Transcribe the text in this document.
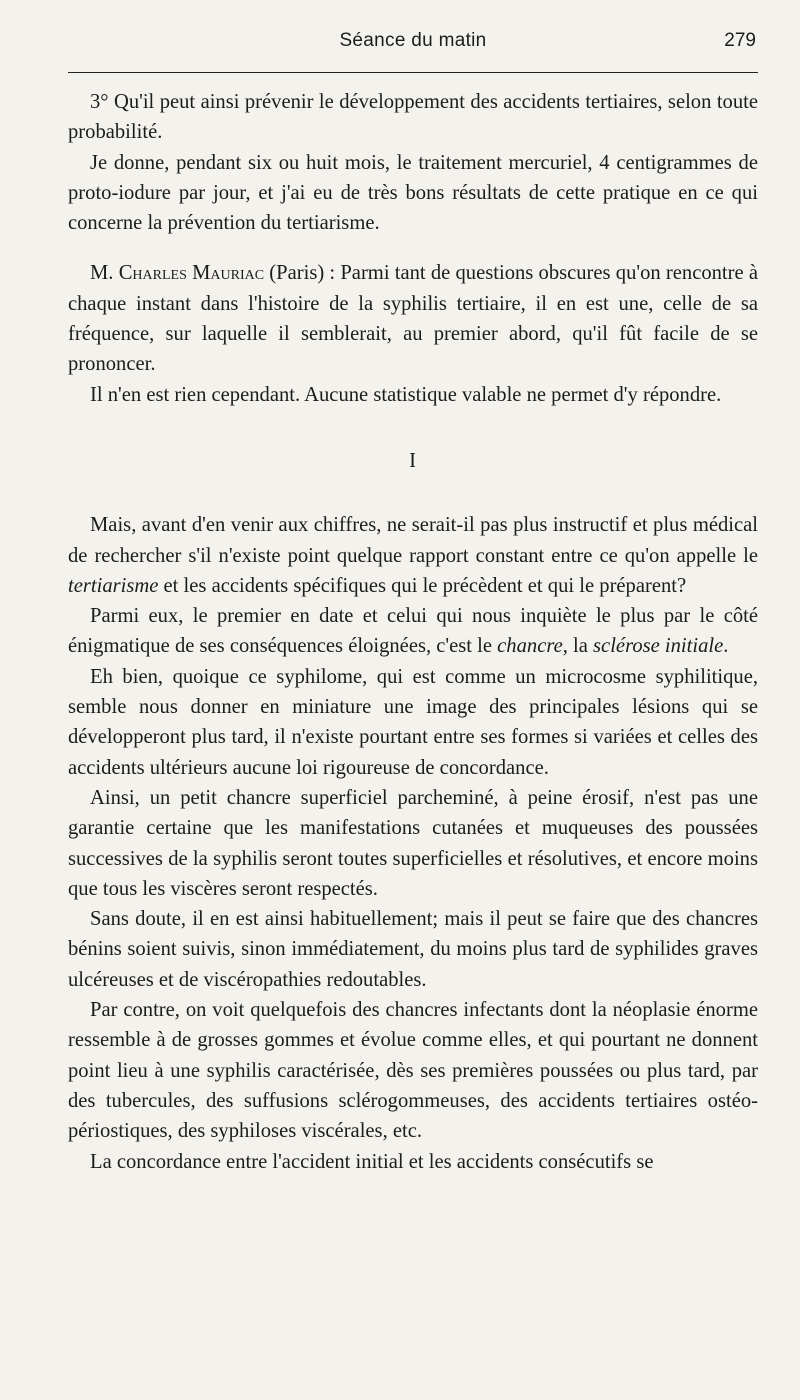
Séance du matin	279

3° Qu'il peut ainsi prévenir le développement des accidents tertiaires, selon toute probabilité.

Je donne, pendant six ou huit mois, le traitement mercuriel, 4 centigrammes de proto-iodure par jour, et j'ai eu de très bons résultats de cette pratique en ce qui concerne la prévention du tertiarisme.

M. Charles Mauriac (Paris) : Parmi tant de questions obscures qu'on rencontre à chaque instant dans l'histoire de la syphilis tertiaire, il en est une, celle de sa fréquence, sur laquelle il semblerait, au premier abord, qu'il fût facile de se prononcer.

Il n'en est rien cependant. Aucune statistique valable ne permet d'y répondre.

I

Mais, avant d'en venir aux chiffres, ne serait-il pas plus instructif et plus médical de rechercher s'il n'existe point quelque rapport constant entre ce qu'on appelle le tertiarisme et les accidents spécifiques qui le précèdent et qui le préparent?

Parmi eux, le premier en date et celui qui nous inquiète le plus par le côté énigmatique de ses conséquences éloignées, c'est le chancre, la sclérose initiale.

Eh bien, quoique ce syphilome, qui est comme un microcosme syphilitique, semble nous donner en miniature une image des principales lésions qui se développeront plus tard, il n'existe pourtant entre ses formes si variées et celles des accidents ultérieurs aucune loi rigoureuse de concordance.

Ainsi, un petit chancre superficiel parcheminé, à peine érosif, n'est pas une garantie certaine que les manifestations cutanées et muqueuses des poussées successives de la syphilis seront toutes superficielles et résolutives, et encore moins que tous les viscères seront respectés.

Sans doute, il en est ainsi habituellement; mais il peut se faire que des chancres bénins soient suivis, sinon immédiatement, du moins plus tard de syphilides graves ulcéreuses et de viscéropathies redoutables.

Par contre, on voit quelquefois des chancres infectants dont la néoplasie énorme ressemble à de grosses gommes et évolue comme elles, et qui pourtant ne donnent point lieu à une syphilis caractérisée, dès ses premières poussées ou plus tard, par des tubercules, des suffusions sclérogommeuses, des accidents tertiaires ostéo-périostiques, des syphiloses viscérales, etc.

La concordance entre l'accident initial et les accidents consécutifs se
